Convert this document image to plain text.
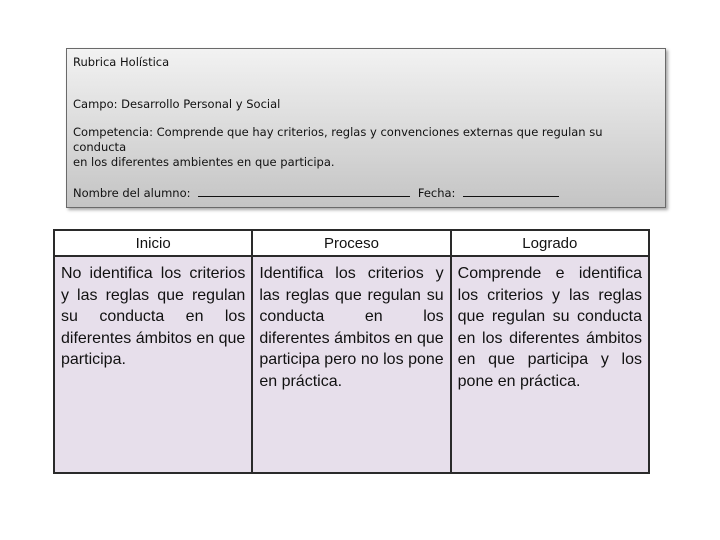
Rubrica Holística
Campo: Desarrollo Personal y Social
Competencia: Comprende que hay criterios, reglas y convenciones externas que regulan su conducta
en los diferentes ambientes en que participa.
Nombre del alumno:	Fecha:
Inicio	Proceso	Logrado
No identifica los criterios y las reglas que regulan su conducta en los diferentes ámbitos en que participa.	Identifica los criterios y las reglas que regulan su conducta en los diferentes ámbitos en que participa pero no los pone en práctica.	Comprende e identifica los criterios y las reglas que regulan su conducta en los diferentes ámbitos en que participa y los pone en práctica.
